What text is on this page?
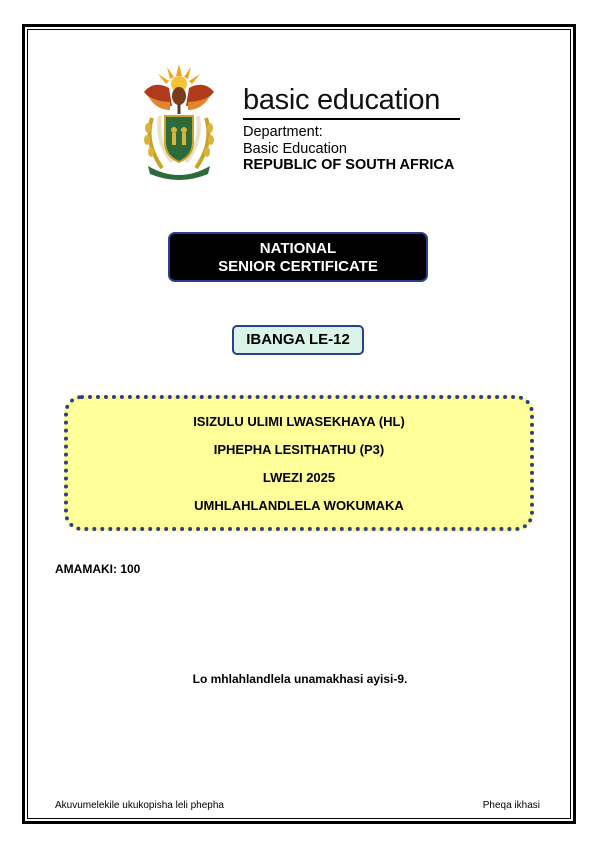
basic education
Department:
Basic Education
REPUBLIC OF SOUTH AFRICA
NATIONAL
SENIOR CERTIFICATE
IBANGA LE-12
ISIZULU ULIMI LWASEKHAYA (HL)
IPHEPHA LESITHATHU (P3)
LWEZI 2025
UMHLAHLANDLELA WOKUMAKA
AMAMAKI: 100
Lo mhlahlandlela unamakhasi ayisi-9.
Akuvumelekile ukukopisha leli phepha	Pheqa ikhasi
